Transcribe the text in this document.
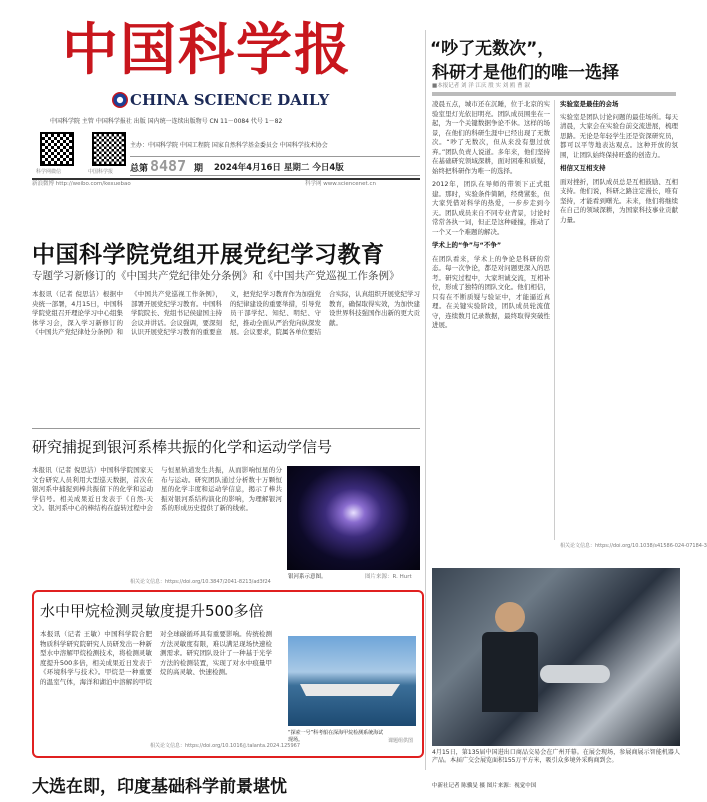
中国科学报
CHINA SCIENCE DAILY
中国科学院 主管 中国科学报社 出版 国内统一连续出版物号 CN 11－0084 代号 1－82
科学网微信	中国科学报
主办：中国科学院 中国工程院 国家自然科学基金委员会 中国科学技术协会
总第 8487 期 2024年4月16日 星期二 今日4版
新浪微博 http://weibo.com/kexuebao	科学网 www.sciencenet.cn
“吵了无数次”，
科研才是他们的唯一选择
■本报记者 刘 洋 江庆 殷 实 刘 鸥 曹 淑
凌晨五点，城市还在沉睡，位于北京的实验室里灯光依旧明亮。团队成员围坐在一起，为一个关键数据争论不休。这样的场景，在他们的科研生涯中已经出现了无数次。“吵了无数次，但从来没有想过放弃。”团队负责人说道。多年来，他们坚持在基础研究领域深耕，面对困难和质疑，始终把科研作为唯一的选择。
2012年，团队在导师的带领下正式组建。那时，实验条件简陋，经费紧张，但大家凭借对科学的热爱，一步步走到今天。团队成员来自不同专业背景，讨论时常常各执一词，但正是这种碰撞，推动了一个又一个难题的解决。
学术上的“争”与“不争”
在团队看来，学术上的争论是科研的常态。每一次争论，都是对问题更深入的思考。研究过程中，大家坦诚交流，互相补位，形成了独特的团队文化。他们相信，只有在不断质疑与验证中，才能逼近真理。在关键实验阶段，团队成员轮流值守，连续数月记录数据，最终取得突破性进展。
实验室是最佳的会场
实验室是团队讨论问题的最佳场所。每天清晨，大家会在实验台前交流进展，梳理思路。无论是年轻学生还是资深研究员，都可以平等地表达观点。这种开放的氛围，让团队始终保持旺盛的创造力。
相信又互相支持
面对挫折，团队成员总是互相鼓励、互相支持。他们说，科研之路注定漫长，唯有坚持，才能看到曙光。未来，他们将继续在自己的领域深耕，为国家科技事业贡献力量。
相关论文信息：https://doi.org/10.1038/s41586-024-07184-3
中国科学院党组开展党纪学习教育
专题学习新修订的《中国共产党纪律处分条例》和《中国共产党巡视工作条例》
本报讯（记者 倪思洁）根据中央统一部署，4月15日，中国科学院党组召开理论学习中心组集体学习会，深入学习新修订的《中国共产党纪律处分条例》和《中国共产党巡视工作条例》，部署开展党纪学习教育。中国科学院院长、党组书记侯建国主持会议并讲话。会议强调，要深刻认识开展党纪学习教育的重要意义，把党纪学习教育作为加强党的纪律建设的重要举措，引导党员干部学纪、知纪、明纪、守纪，推动全面从严治党向纵深发展。会议要求，院属各单位要结合实际，认真组织开展党纪学习教育，确保取得实效，为加快建设世界科技强国作出新的更大贡献。
研究捕捉到银河系棒共振的化学和运动学信号
本报讯（记者 倪思洁）中国科学院国家天文台研究人员利用大型巡天数据，首次在银河系中捕捉到棒共振留下的化学和运动学信号。相关成果近日发表于《自然-天文》。银河系中心的棒结构在旋转过程中会与恒星轨道发生共振，从而影响恒星的分布与运动。研究团队通过分析数十万颗恒星的化学丰度和运动学信息，揭示了棒共振对银河系结构演化的影响，为理解银河系的形成历史提供了新的线索。
银河系示意图。	图片来源：R. Hurt
相关论文信息：https://doi.org/10.3847/2041-8213/ad3f24
水中甲烷检测灵敏度提升500多倍
本报讯（记者 王敏）中国科学院合肥物质科学研究院研究人员研发出一种新型水中溶解甲烷检测技术，将检测灵敏度提升500多倍，相关成果近日发表于《环境科学与技术》。甲烷是一种重要的温室气体，海洋和湖泊中溶解的甲烷对全球碳循环具有重要影响。传统检测方法灵敏度有限，难以满足现场快速检测需求。研究团队设计了一种基于光学方法的检测装置，实现了对水中痕量甲烷的高灵敏、快速检测。
“探索一号”科考船在深海甲烷检测系统海试现场。	课题组供图
相关论文信息：https://doi.org/10.1016/j.talanta.2024.125967
4月15日，第135届中国进出口商品交易会在广州开幕。在展会现场，参展商展示智能机器人产品。本届广交会展览面积155万平方米，吸引众多境外采购商到会。
中新社记者 陈骥旻 摄 图片来源：视觉中国
大选在即，印度基础科学前景堪忧
